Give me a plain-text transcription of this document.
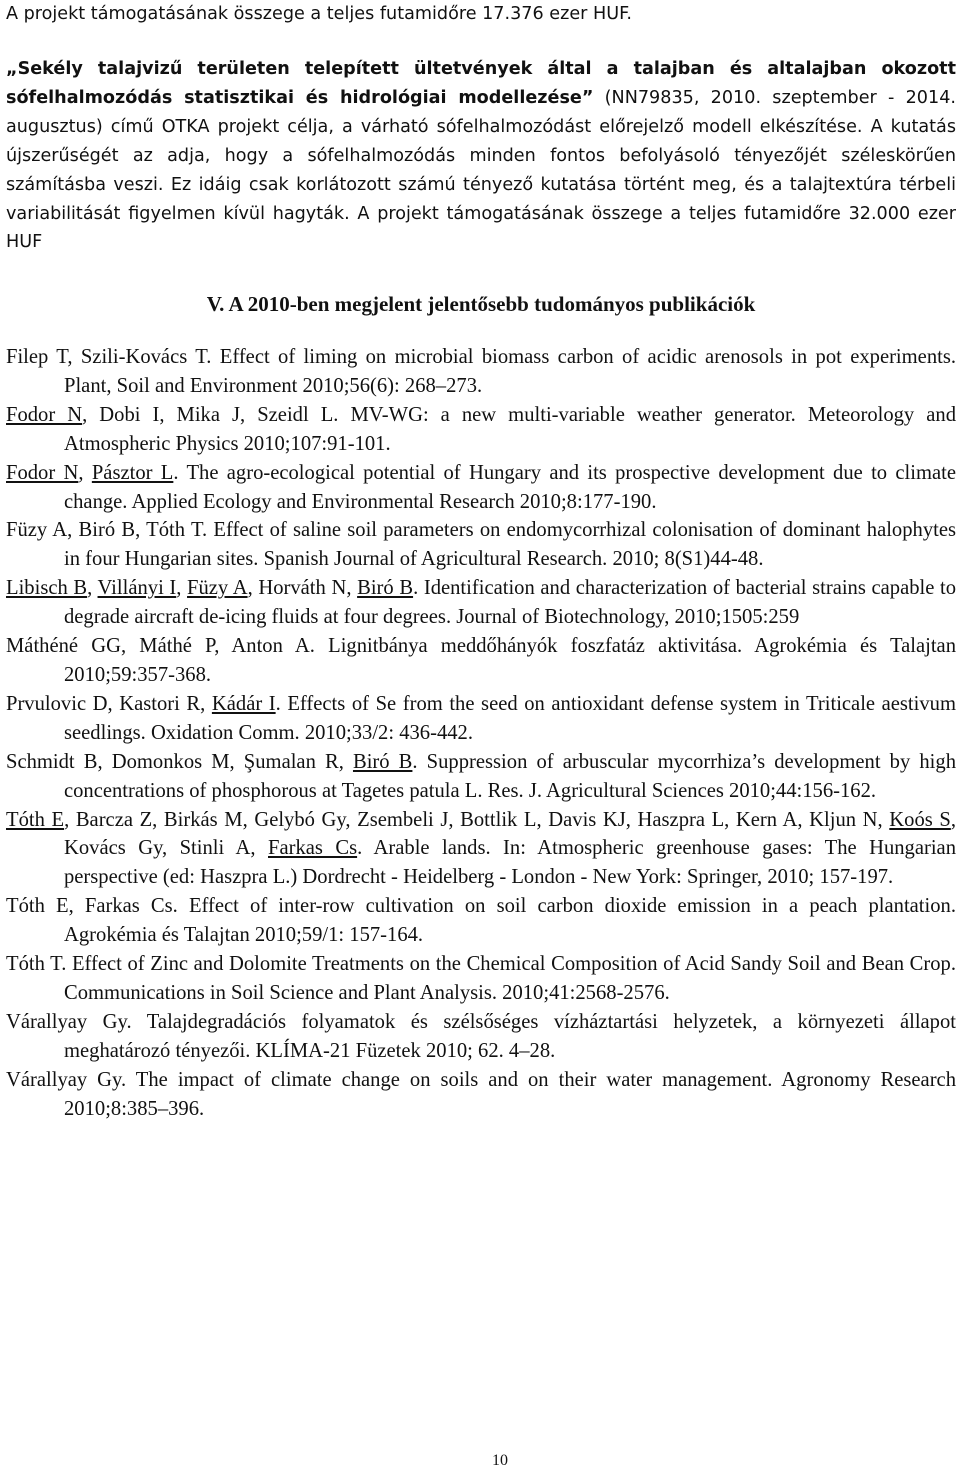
A projekt támogatásának összege a teljes futamidőre 17.376 ezer HUF.

„Sekély talajvizű területen telepített ültetvények által a talajban és altalajban okozott sófelhalmozódás statisztikai és hidrológiai modellezése” (NN79835, 2010. szeptember - 2014. augusztus) című OTKA projekt célja, a várható sófelhalmozódást előrejelző modell elkészítése. A kutatás újszerűségét az adja, hogy a sófelhalmozódás minden fontos befolyásoló tényezőjét széleskörűen számításba veszi. Ez idáig csak korlátozott számú tényező kutatása történt meg, és a talajtextúra térbeli variabilitását figyelmen kívül hagyták. A projekt támogatásának összege a teljes futamidőre 32.000 ezer HUF

V. A 2010-ben megjelent jelentősebb tudományos publikációk

Filep T, Szili-Kovács T. Effect of liming on microbial biomass carbon of acidic arenosols in pot experiments. Plant, Soil and Environment 2010;56(6): 268–273.

Fodor N, Dobi I, Mika J, Szeidl L. MV-WG: a new multi-variable weather generator. Meteorology and Atmospheric Physics 2010;107:91-101.

Fodor N, Pásztor L. The agro-ecological potential of Hungary and its prospective development due to climate change. Applied Ecology and Environmental Research 2010;8:177-190.

Füzy A, Biró B, Tóth T. Effect of saline soil parameters on endomycorrhizal colonisation of dominant halophytes in four Hungarian sites. Spanish Journal of Agricultural Research. 2010; 8(S1)44-48.

Libisch B, Villányi I, Füzy A, Horváth N, Biró B. Identification and characterization of bacterial strains capable to degrade aircraft de-icing fluids at four degrees. Journal of Biotechnology, 2010;1505:259

Máthéné GG, Máthé P, Anton A. Lignitbánya meddőhányók foszfatáz aktivitása. Agrokémia és Talajtan 2010;59:357-368.

Prvulovic D, Kastori R, Kádár I. Effects of Se from the seed on antioxidant defense system in Triticale aestivum seedlings. Oxidation Comm. 2010;33/2: 436-442.

Schmidt B, Domonkos M, Şumalan R, Biró B. Suppression of arbuscular mycorrhiza’s development by high concentrations of phosphorous at Tagetes patula L. Res. J. Agricultural Sciences 2010;44:156-162.

Tóth E, Barcza Z, Birkás M, Gelybó Gy, Zsembeli J, Bottlik L, Davis KJ, Haszpra L, Kern A, Kljun N, Koós S, Kovács Gy, Stinli A, Farkas Cs. Arable lands. In: Atmospheric greenhouse gases: The Hungarian perspective (ed: Haszpra L.) Dordrecht - Heidelberg - London - New York: Springer, 2010; 157-197.

Tóth E, Farkas Cs. Effect of inter-row cultivation on soil carbon dioxide emission in a peach plantation. Agrokémia és Talajtan 2010;59/1: 157-164.

Tóth T. Effect of Zinc and Dolomite Treatments on the Chemical Composition of Acid Sandy Soil and Bean Crop. Communications in Soil Science and Plant Analysis. 2010;41:2568-2576.

Várallyay Gy. Talajdegradációs folyamatok és szélsőséges vízháztartási helyzetek, a környezeti állapot meghatározó tényezői. KLÍMA-21 Füzetek 2010; 62. 4–28.

Várallyay Gy. The impact of climate change on soils and on their water management. Agronomy Research 2010;8:385–396.

10
